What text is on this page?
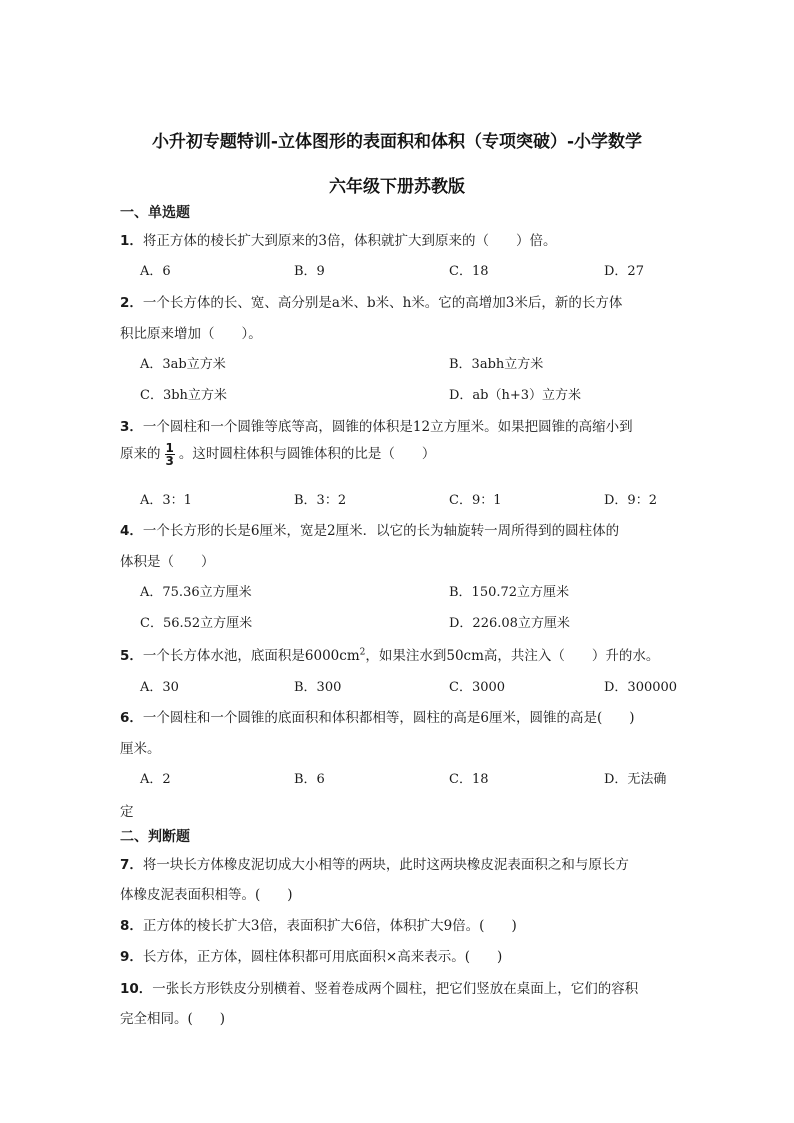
小升初专题特训-立体图形的表面积和体积（专项突破）-小学数学
六年级下册苏教版
一、单选题
1．将正方体的棱长扩大到原来的3倍，体积就扩大到原来的（　　）倍。
A．6	B．9	C．18	D．27
2．一个长方体的长、宽、高分别是a米、b米、h米。它的高增加3米后，新的长方体
积比原来增加（　　）。
A．3ab立方米	B．3abh立方米
C．3bh立方米	D．ab（h+3）立方米
3．一个圆柱和一个圆锥等底等高，圆锥的体积是12立方厘米。如果把圆锥的高缩小到
原来的 $\frac{1}{3}$ 。这时圆柱体积与圆锥体积的比是（　　）
A．3：1	B．3：2	C．9：1	D．9：2
4．一个长方形的长是6厘米，宽是2厘米．以它的长为轴旋转一周所得到的圆柱体的
体积是（　　）
A．75.36立方厘米	B．150.72立方厘米
C．56.52立方厘米	D．226.08立方厘米
5．一个长方体水池，底面积是$6000cm^2$，如果注水到50cm高，共注入（　　）升的水。
A．30	B．300	C．3000	D．300000
6．一个圆柱和一个圆锥的底面积和体积都相等，圆柱的高是6厘米，圆锥的高是(　　)
厘米。
A．2	B．6	C．18	D．无法确
定
二、判断题
7．将一块长方体橡皮泥切成大小相等的两块，此时这两块橡皮泥表面积之和与原长方
体橡皮泥表面积相等。(　　)
8．正方体的棱长扩大3倍，表面积扩大6倍，体积扩大9倍。(　　)
9．长方体，正方体，圆柱体积都可用底面积×高来表示。(　　)
10．一张长方形铁皮分别横着、竖着卷成两个圆柱，把它们竖放在桌面上，它们的容积
完全相同。(　　)
